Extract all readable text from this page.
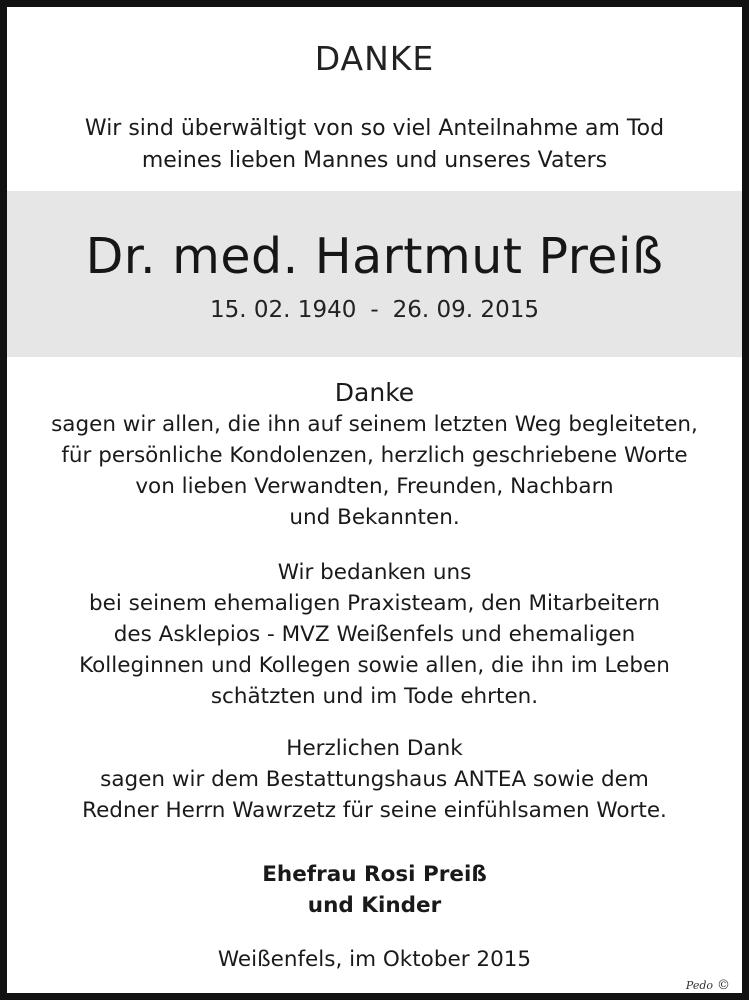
DANKE
Wir sind überwältigt von so viel Anteilnahme am Tod
meines lieben Mannes und unseres Vaters
Dr. med. Hartmut Preiß
15. 02. 1940 - 26. 09. 2015
Danke
sagen wir allen, die ihn auf seinem letzten Weg begleiteten,
für persönliche Kondolenzen, herzlich geschriebene Worte
von lieben Verwandten, Freunden, Nachbarn
und Bekannten.
Wir bedanken uns
bei seinem ehemaligen Praxisteam, den Mitarbeitern
des Asklepios - MVZ Weißenfels und ehemaligen
Kolleginnen und Kollegen sowie allen, die ihn im Leben
schätzten und im Tode ehrten.
Herzlichen Dank
sagen wir dem Bestattungshaus ANTEA sowie dem
Redner Herrn Wawrzetz für seine einfühlsamen Worte.
Ehefrau Rosi Preiß
und Kinder
Weißenfels, im Oktober 2015
Pedo ©
